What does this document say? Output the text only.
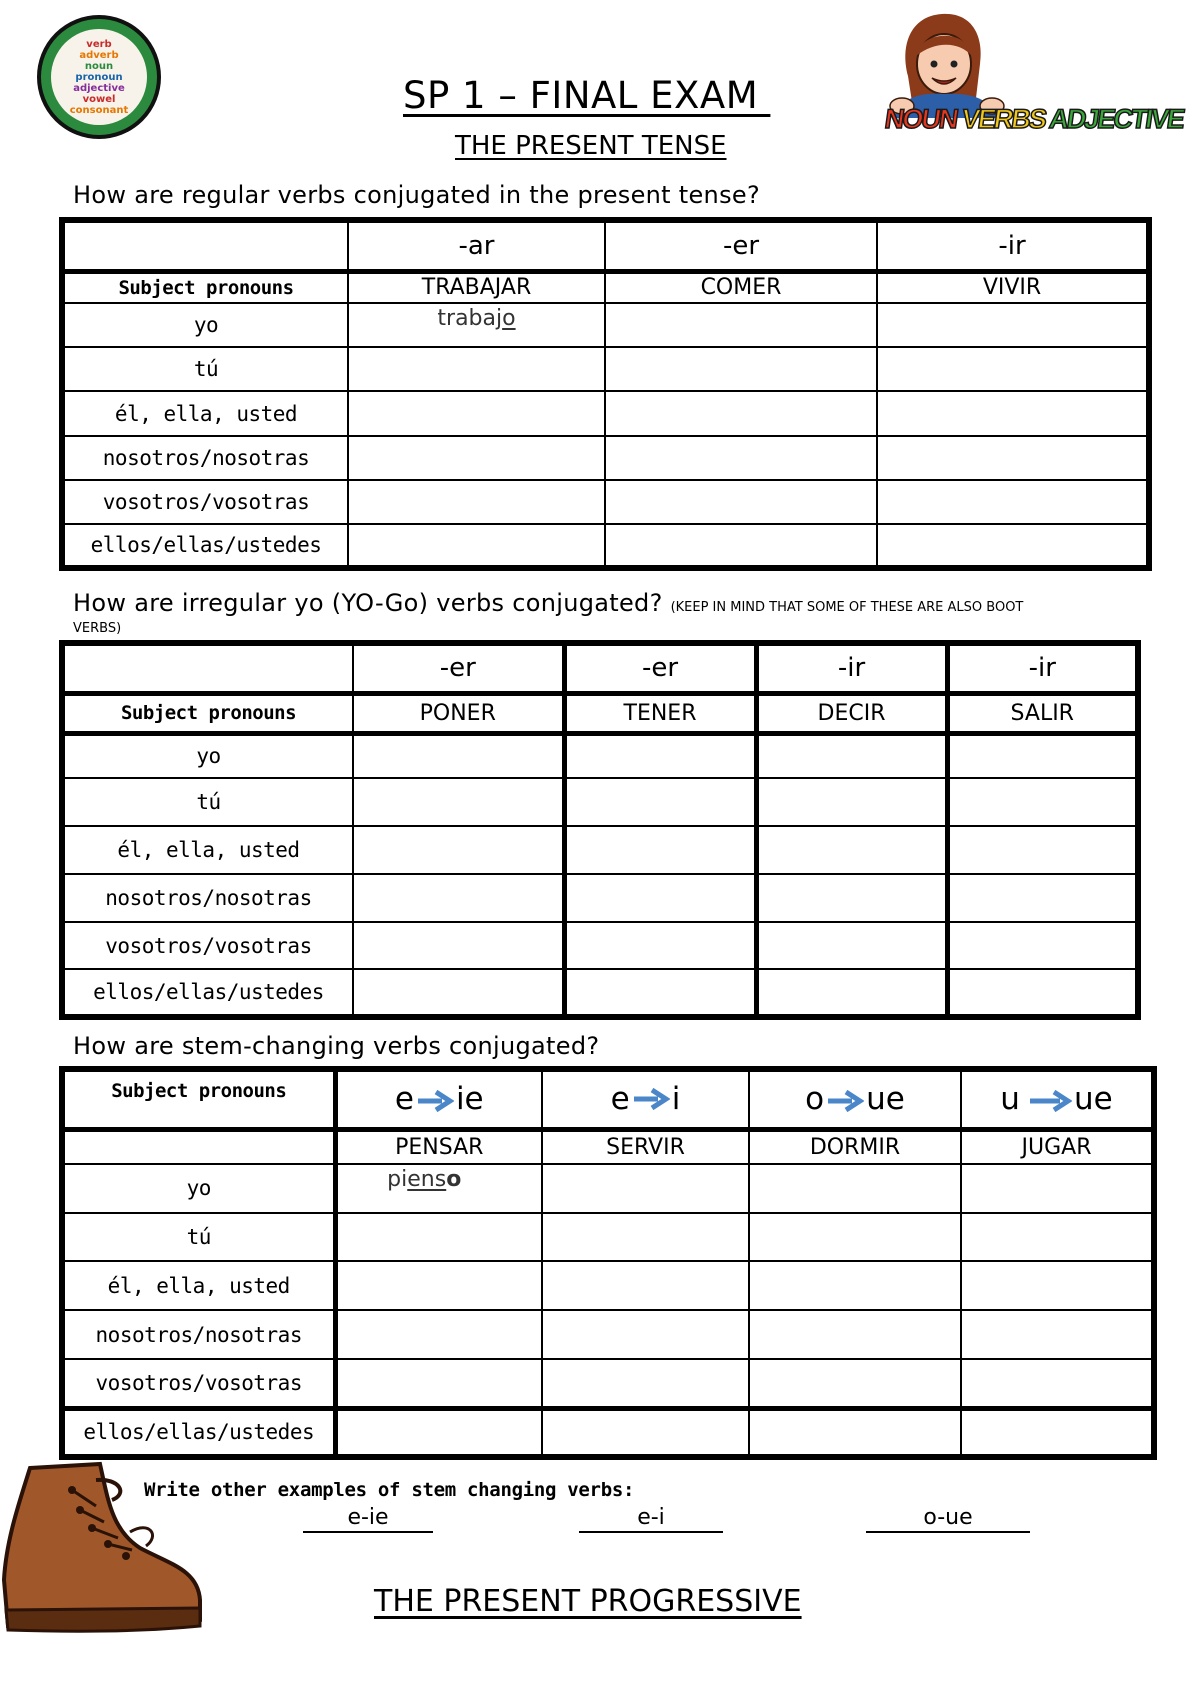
verb
adverb
noun
pronoun
adjective
vowel
consonant	SP 1 – FINAL EXAM
THE PRESENT TENSE
NOUN VERBS ADJECTIVE
How are regular verbs conjugated in the present tense?
	-ar	-er	-ir
Subject pronouns	TRABAJAR	COMER	VIVIR
yo	trabajo		
tú			
él, ella, usted			
nosotros/nosotras			
vosotros/vosotras			
ellos/ellas/ustedes			
How are irregular yo (YO-Go) verbs conjugated? (KEEP IN MIND THAT SOME OF THESE ARE ALSO BOOT
VERBS)
	-er	-er	-ir	-ir
Subject pronouns	PONER	TENER	DECIR	SALIR
yo				
tú				
él, ella, usted				
nosotros/nosotras				
vosotros/vosotras				
ellos/ellas/ustedes				
How are stem-changing verbs conjugated?
Subject pronouns	e ie	e i	o ue	u ue
	PENSAR	SERVIR	DORMIR	JUGAR
yo	pienso			
tú				
él, ella, usted				
nosotros/nosotras				
vosotros/vosotras				
ellos/ellas/ustedes				
Write other examples of stem changing verbs:
e-ie	e-i	o-ue
THE PRESENT PROGRESSIVE
